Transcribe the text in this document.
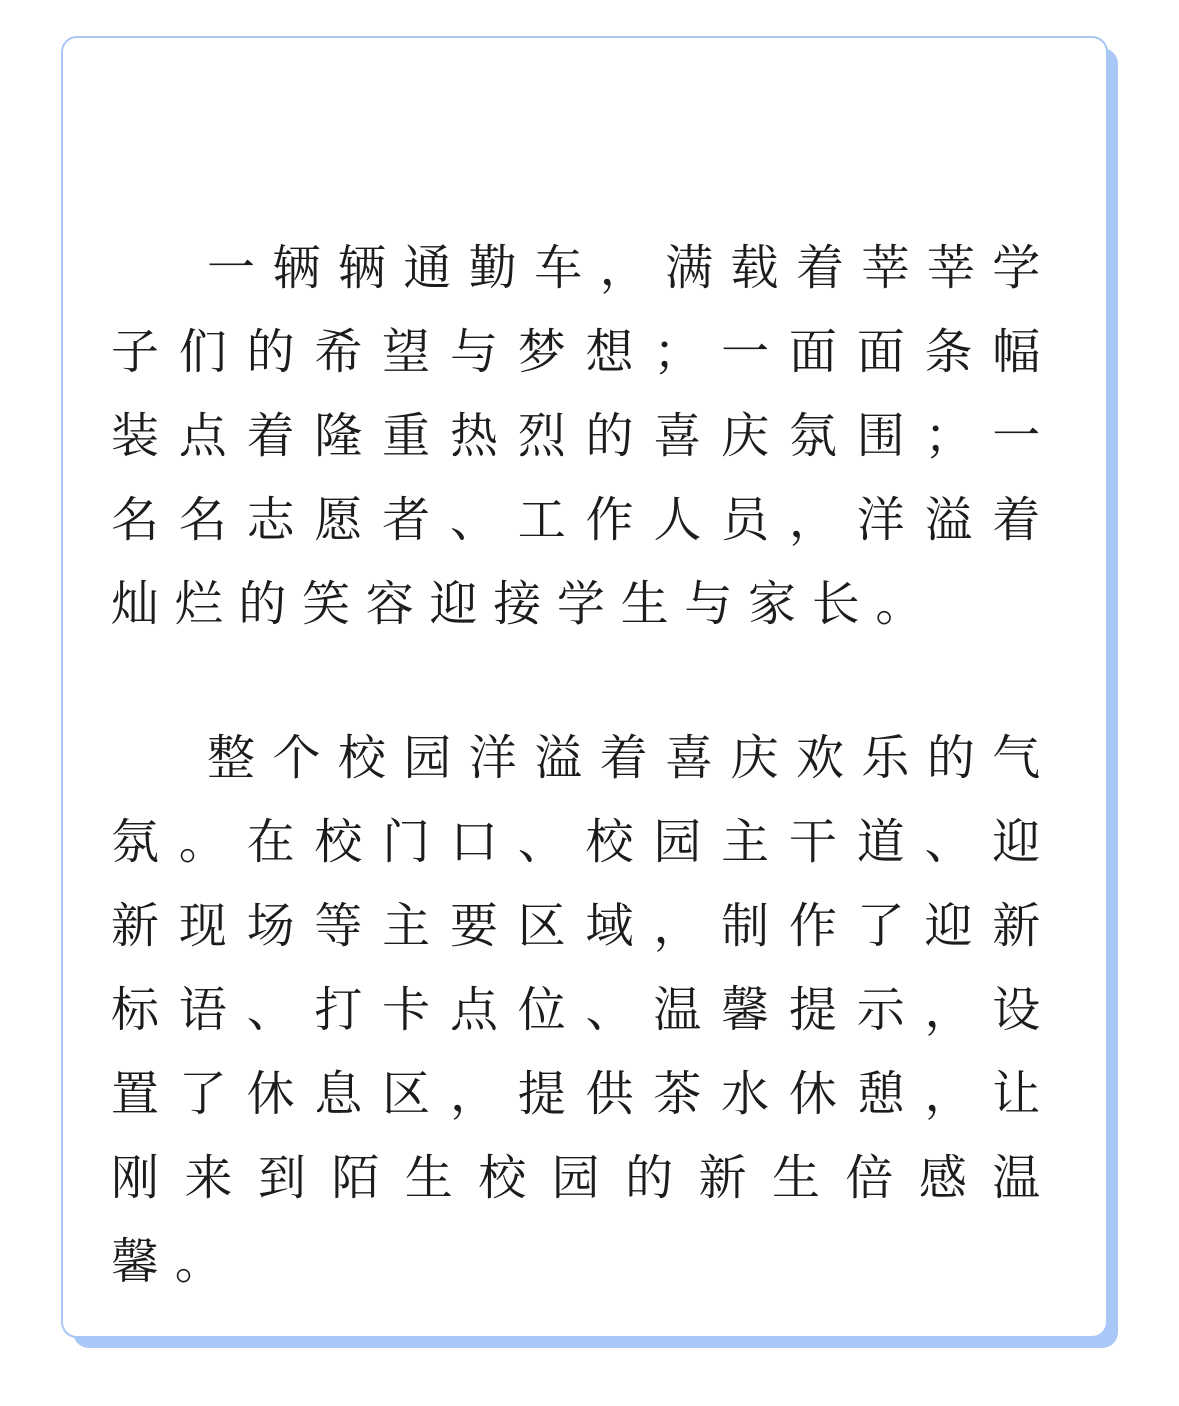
一辆辆通勤车，满载着莘莘学子们的希望与梦想；一面面条幅装点着隆重热烈的喜庆氛围；一名名志愿者、工作人员，洋溢着灿烂的笑容迎接学生与家长。

整个校园洋溢着喜庆欢乐的气氛。在校门口、校园主干道、迎新现场等主要区域，制作了迎新标语、打卡点位、温馨提示，设置了休息区，提供茶水休憩，让刚来到陌生校园的新生倍感温馨。
